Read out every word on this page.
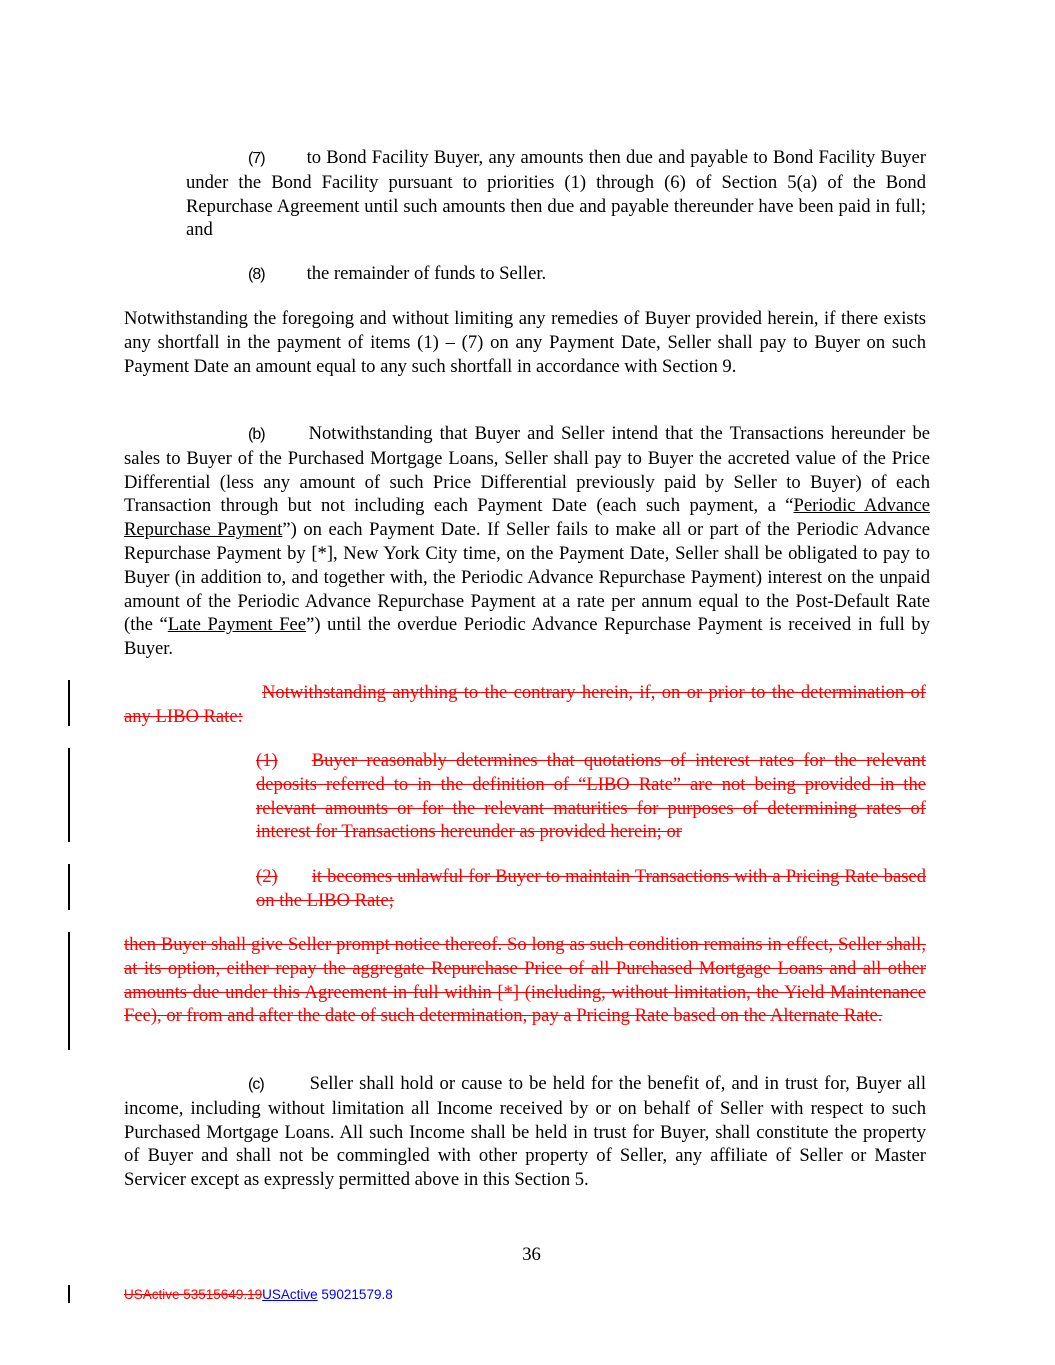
(7) to Bond Facility Buyer, any amounts then due and payable to Bond Facility Buyer under the Bond Facility pursuant to priorities (1) through (6) of Section 5(a) of the Bond Repurchase Agreement until such amounts then due and payable thereunder have been paid in full; and

(8) the remainder of funds to Seller.

Notwithstanding the foregoing and without limiting any remedies of Buyer provided herein, if there exists any shortfall in the payment of items (1) – (7) on any Payment Date, Seller shall pay to Buyer on such Payment Date an amount equal to any such shortfall in accordance with Section 9.

(b) Notwithstanding that Buyer and Seller intend that the Transactions hereunder be sales to Buyer of the Purchased Mortgage Loans, Seller shall pay to Buyer the accreted value of the Price Differential (less any amount of such Price Differential previously paid by Seller to Buyer) of each Transaction through but not including each Payment Date (each such payment, a “Periodic Advance Repurchase Payment”) on each Payment Date. If Seller fails to make all or part of the Periodic Advance Repurchase Payment by [*], New York City time, on the Payment Date, Seller shall be obligated to pay to Buyer (in addition to, and together with, the Periodic Advance Repurchase Payment) interest on the unpaid amount of the Periodic Advance Repurchase Payment at a rate per annum equal to the Post-Default Rate (the “Late Payment Fee”) until the overdue Periodic Advance Repurchase Payment is received in full by Buyer.

Notwithstanding anything to the contrary herein, if, on or prior to the determination of any LIBO Rate:

(1) Buyer reasonably determines that quotations of interest rates for the relevant deposits referred to in the definition of “LIBO Rate” are not being provided in the relevant amounts or for the relevant maturities for purposes of determining rates of interest for Transactions hereunder as provided herein; or

(2) it becomes unlawful for Buyer to maintain Transactions with a Pricing Rate based on the LIBO Rate;

then Buyer shall give Seller prompt notice thereof. So long as such condition remains in effect, Seller shall, at its option, either repay the aggregate Repurchase Price of all Purchased Mortgage Loans and all other amounts due under this Agreement in full within [*] (including, without limitation, the Yield Maintenance Fee), or from and after the date of such determination, pay a Pricing Rate based on the Alternate Rate.

(c) Seller shall hold or cause to be held for the benefit of, and in trust for, Buyer all income, including without limitation all Income received by or on behalf of Seller with respect to such Purchased Mortgage Loans. All such Income shall be held in trust for Buyer, shall constitute the property of Buyer and shall not be commingled with other property of Seller, any affiliate of Seller or Master Servicer except as expressly permitted above in this Section 5.

36
USActive 53515649.19USActive 59021579.8
